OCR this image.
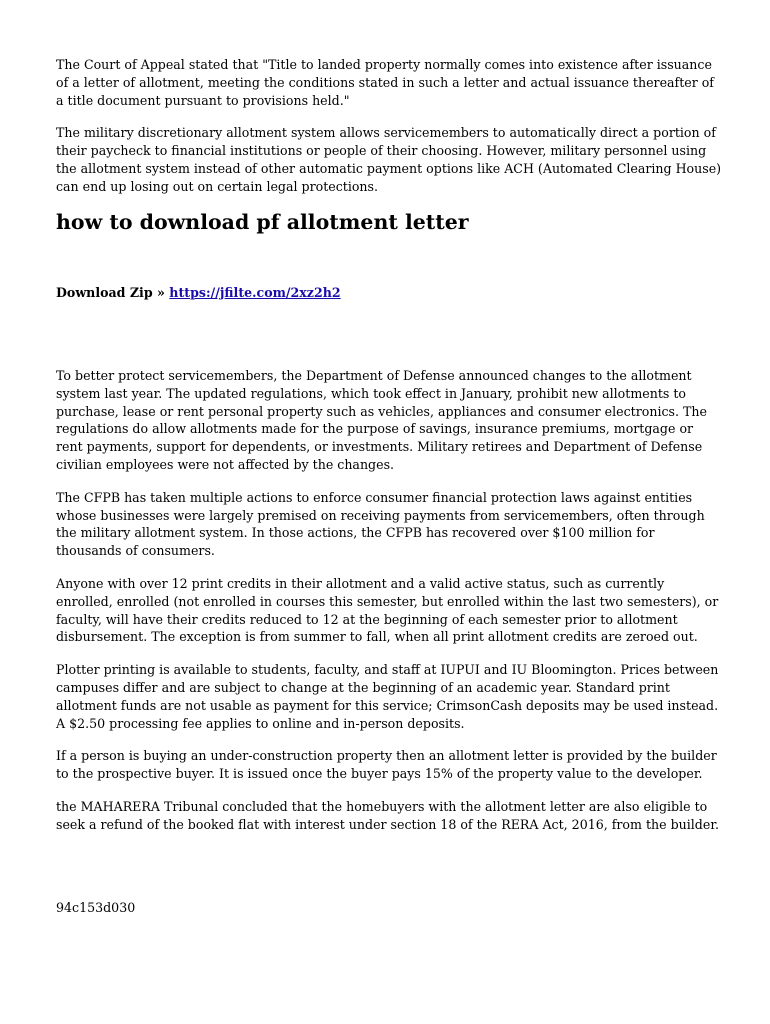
The Court of Appeal stated that "Title to landed property normally comes into existence after issuance of a letter of allotment, meeting the conditions stated in such a letter and actual issuance thereafter of a title document pursuant to provisions held."

The military discretionary allotment system allows servicemembers to automatically direct a portion of their paycheck to financial institutions or people of their choosing. However, military personnel using the allotment system instead of other automatic payment options like ACH (Automated Clearing House) can end up losing out on certain legal protections.

how to download pf allotment letter
Download Zip » https://jfilte.com/2xz2h2

To better protect servicemembers, the Department of Defense announced changes to the allotment system last year. The updated regulations, which took effect in January, prohibit new allotments to purchase, lease or rent personal property such as vehicles, appliances and consumer electronics. The regulations do allow allotments made for the purpose of savings, insurance premiums, mortgage or rent payments, support for dependents, or investments. Military retirees and Department of Defense civilian employees were not affected by the changes.

The CFPB has taken multiple actions to enforce consumer financial protection laws against entities whose businesses were largely premised on receiving payments from servicemembers, often through the military allotment system. In those actions, the CFPB has recovered over $100 million for thousands of consumers.

Anyone with over 12 print credits in their allotment and a valid active status, such as currently enrolled, enrolled (not enrolled in courses this semester, but enrolled within the last two semesters), or faculty, will have their credits reduced to 12 at the beginning of each semester prior to allotment disbursement. The exception is from summer to fall, when all print allotment credits are zeroed out.

Plotter printing is available to students, faculty, and staff at IUPUI and IU Bloomington. Prices between campuses differ and are subject to change at the beginning of an academic year. Standard print allotment funds are not usable as payment for this service; CrimsonCash deposits may be used instead. A $2.50 processing fee applies to online and in-person deposits.

If a person is buying an under-construction property then an allotment letter is provided by the builder to the prospective buyer. It is issued once the buyer pays 15% of the property value to the developer.

the MAHARERA Tribunal concluded that the homebuyers with the allotment letter are also eligible to seek a refund of the booked flat with interest under section 18 of the RERA Act, 2016, from the builder.

94c153d030
